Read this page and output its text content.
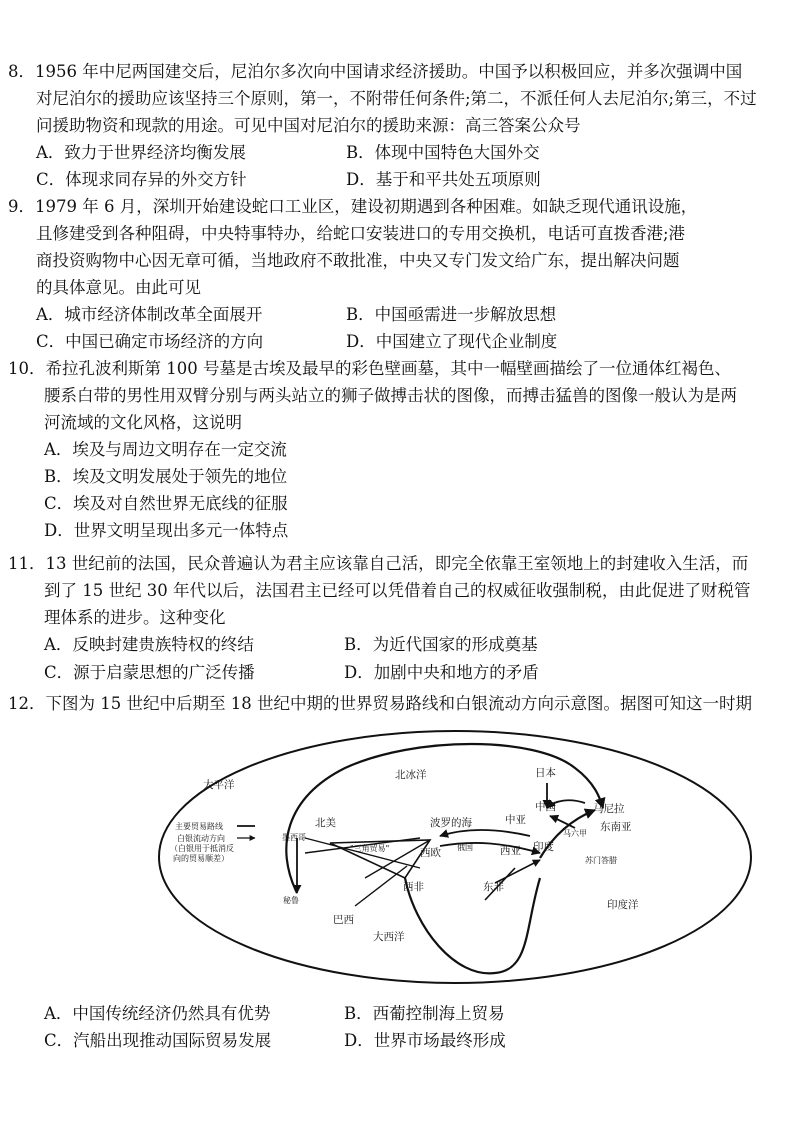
8．1956 年中尼两国建交后，尼泊尔多次向中国请求经济援助。中国予以积极回应，并多次强调中国
对尼泊尔的援助应该坚持三个原则，第一，不附带任何条件;第二，不派任何人去尼泊尔;第三，不过
问援助物资和现款的用途。可见中国对尼泊尔的援助来源：高三答案公众号
A．致力于世界经济均衡发展	B．体现中国特色大国外交
C．体现求同存异的外交方针	D．基于和平共处五项原则
9．1979 年 6 月，深圳开始建设蛇口工业区，建设初期遇到各种困难。如缺乏现代通讯设施，
且修建受到各种阻碍，中央特事特办，给蛇口安装进口的专用交换机，电话可直拨香港;港
商投资购物中心因无章可循，当地政府不敢批准，中央又专门发文给广东，提出解决问题
的具体意见。由此可见
A．城市经济体制改革全面展开	B．中国亟需进一步解放思想
C．中国已确定市场经济的方向	D．中国建立了现代企业制度
10．希拉孔波利斯第 100 号墓是古埃及最早的彩色壁画墓，其中一幅壁画描绘了一位通体红褐色、
腰系白带的男性用双臂分别与两头站立的狮子做搏击状的图像，而搏击猛兽的图像一般认为是两
河流域的文化风格，这说明
A．埃及与周边文明存在一定交流
B．埃及文明发展处于领先的地位
C．埃及对自然世界无底线的征服
D．世界文明呈现出多元一体特点
11．13 世纪前的法国，民众普遍认为君主应该靠自己活，即完全依靠王室领地上的封建收入生活，而
到了 15 世纪 30 年代以后，法国君主已经可以凭借着自己的权威征收强制税，由此促进了财税管
理体系的进步。这种变化
A．反映封建贵族特权的终结	B．为近代国家的形成奠基
C．源于启蒙思想的广泛传播	D．加剧中央和地方的矛盾
12．下图为 15 世纪中后期至 18 世纪中期的世界贸易路线和白银流动方向示意图。据图可知这一时期
太平洋
北冰洋	日本
马尼拉
中国
东南亚
墨西哥
北美
"三角贸易"
波罗的海	中亚
俄国
西欧	西亚 印度
马六甲
苏门答腊
秘鲁
西非	东非
巴西
大西洋
印度洋
主要贸易路线
白银流动方向
（白银用于抵消反
向的贸易顺差）
A．中国传统经济仍然具有优势	B．西葡控制海上贸易
C．汽船出现推动国际贸易发展	D．世界市场最终形成
